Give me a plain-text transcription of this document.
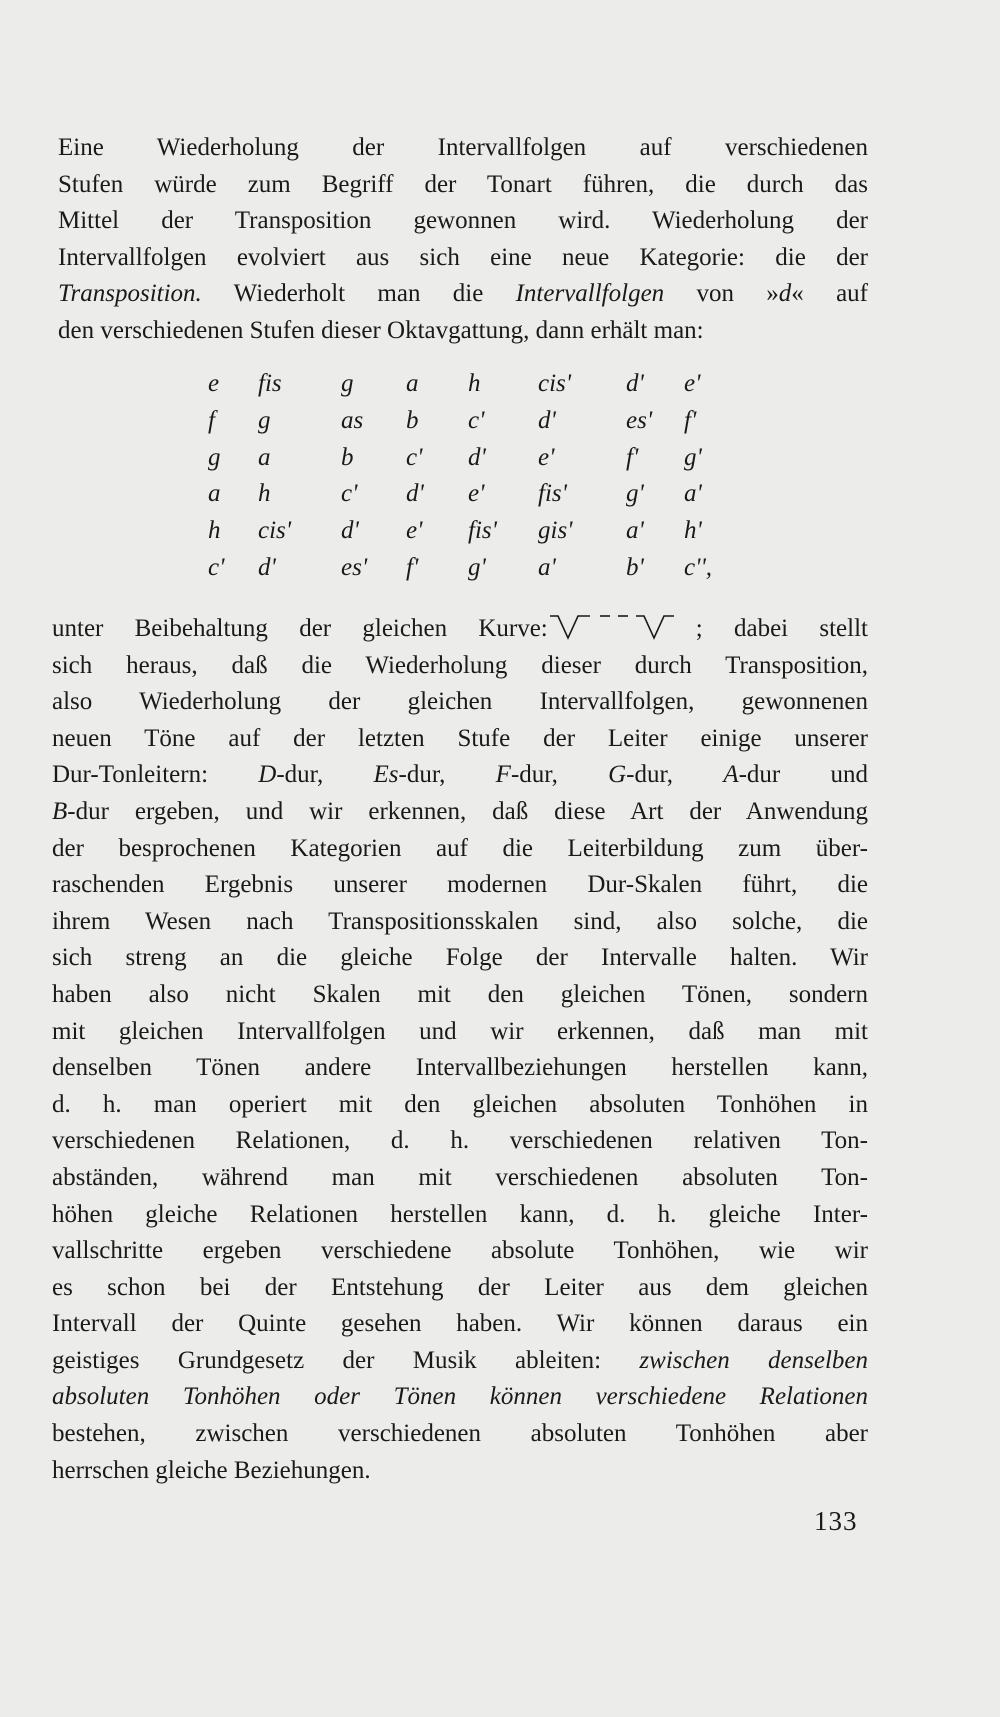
Eine Wiederholung der Intervallfolgen auf verschiedenen
Stufen würde zum Begriff der Tonart führen, die durch das
Mittel der Transposition gewonnen wird. Wiederholung der
Intervallfolgen evolviert aus sich eine neue Kategorie: die der
Transposition. Wiederholt man die Intervallfolgen von »d« auf
den verschiedenen Stufen dieser Oktavgattung, dann erhält man:
e	fis	g	a	h	cis'	d'	e'
f	g	as	b	c'	d'	es'	f'
g	a	b	c'	d'	e'	f'	g'
a	h	c'	d'	e'	fis'	g'	a'
h	cis'	d'	e'	fis'	gis'	a'	h'
c'	d'	es'	f'	g'	a'	b'	c'',
unter Beibehaltung der gleichen Kurve:	; dabei stellt
sich heraus, daß die Wiederholung dieser durch Transposition,
also Wiederholung der gleichen Intervallfolgen, gewonnenen
neuen Töne auf der letzten Stufe der Leiter einige unserer
Dur-Tonleitern: D-dur, Es-dur, F-dur, G-dur, A-dur und
B-dur ergeben, und wir erkennen, daß diese Art der Anwendung
der besprochenen Kategorien auf die Leiterbildung zum über-
raschenden Ergebnis unserer modernen Dur-Skalen führt, die
ihrem Wesen nach Transpositionsskalen sind, also solche, die
sich streng an die gleiche Folge der Intervalle halten. Wir
haben also nicht Skalen mit den gleichen Tönen, sondern
mit gleichen Intervallfolgen und wir erkennen, daß man mit
denselben Tönen andere Intervallbeziehungen herstellen kann,
d. h. man operiert mit den gleichen absoluten Tonhöhen in
verschiedenen Relationen, d. h. verschiedenen relativen Ton-
abständen, während man mit verschiedenen absoluten Ton-
höhen gleiche Relationen herstellen kann, d. h. gleiche Inter-
vallschritte ergeben verschiedene absolute Tonhöhen, wie wir
es schon bei der Entstehung der Leiter aus dem gleichen
Intervall der Quinte gesehen haben. Wir können daraus ein
geistiges Grundgesetz der Musik ableiten: zwischen denselben
absoluten Tonhöhen oder Tönen können verschiedene Relationen
bestehen, zwischen verschiedenen absoluten Tonhöhen aber
herrschen gleiche Beziehungen.
133
